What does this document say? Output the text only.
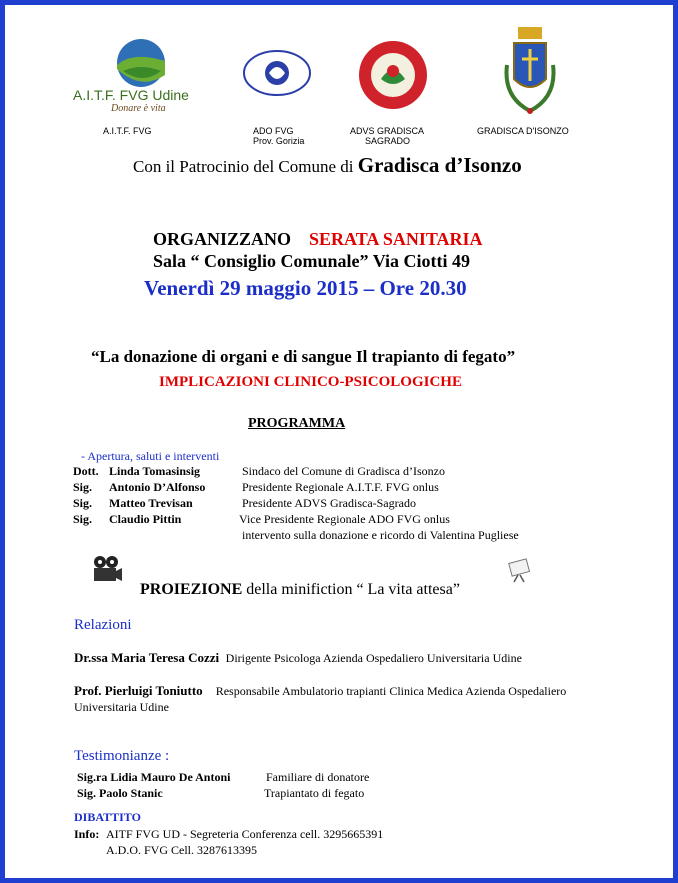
A.I.T.F. FVG Udine
Donare è vita
A.I.T.F. FVG	ADO FVG
Prov. Gorizia
ADVS GRADISCA
SAGRADO
GRADISCA D'ISONZO
Con il Patrocinio del Comune di Gradisca d’Isonzo
ORGANIZZANO SERATA SANITARIA
Sala “ Consiglio Comunale” Via Ciotti 49
Venerdì 29 maggio 2015 – Ore 20.30
“La donazione di organi e di sangue Il trapianto di fegato”
IMPLICAZIONI CLINICO-PSICOLOGICHE
PROGRAMMA
- Apertura, saluti e interventi
Dott. Linda Tomasinsig	Sindaco del Comune di Gradisca d’Isonzo
Sig. Antonio D’Alfonso	Presidente Regionale A.I.T.F. FVG onlus
Sig. Matteo Trevisan	Presidente ADVS Gradisca-Sagrado
Sig. Claudio Pittin	Vice Presidente Regionale ADO FVG onlus
intervento sulla donazione e ricordo di Valentina Pugliese
PROIEZIONE della minifiction “ La vita attesa”
Relazioni
Dr.ssa Maria Teresa Cozzi Dirigente Psicologa Azienda Ospedaliero Universitaria Udine
Prof. Pierluigi Toniutto Responsabile Ambulatorio trapianti Clinica Medica Azienda Ospedaliero Universitaria Udine
Testimonianze :
Sig.ra Lidia Mauro De Antoni	Familiare di donatore
Sig. Paolo Stanic	Trapiantato di fegato
DIBATTITO
Info: AITF FVG UD - Segreteria Conferenza cell. 3295665391
A.D.O. FVG Cell. 3287613395
